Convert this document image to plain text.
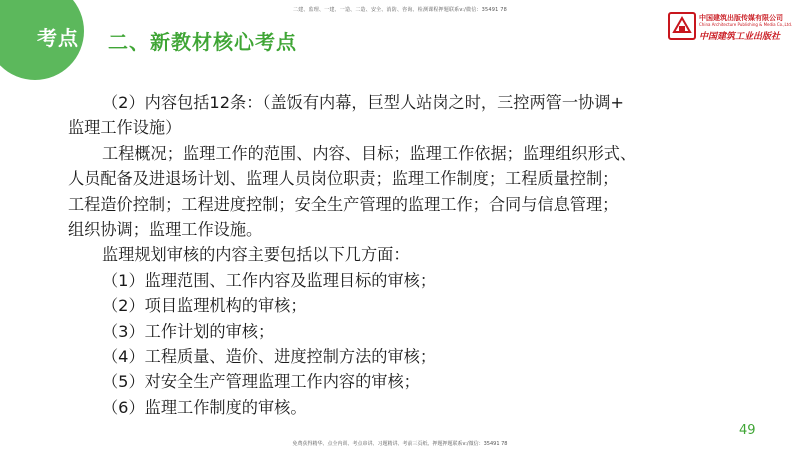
二建、监理、一建、一造、二造、安全、消防、咨询、检测课程押题联系v:/微信：35491 78
考点 二、新教材核心考点
中国建筑出版传媒有限公司
China Architecture Publishing & Media Co.,Ltd.
中国建筑工业出版社

（2）内容包括12条：（盖饭有内幕，巨型人站岗之时，三控两管一协调+

监理工作设施）

工程概况；监理工作的范围、内容、目标；监理工作依据；监理组织形式、

人员配备及进退场计划、监理人员岗位职责；监理工作制度；工程质量控制；

工程造价控制；工程进度控制；安全生产管理的监理工作；合同与信息管理；

组织协调；监理工作设施。

监理规划审核的内容主要包括以下几方面：

（1）监理范围、工作内容及监理目标的审核；

（2）项目监理机构的审核；

（3）工作计划的审核；

（4）工程质量、造价、进度控制方法的审核；

（5）对安全生产管理监理工作内容的审核；

（6）监理工作制度的审核。

49
免费获得精华、点全内训、考点串讲、习题精讲、考前三页纸、押题押题联系v:/微信：35491 78
